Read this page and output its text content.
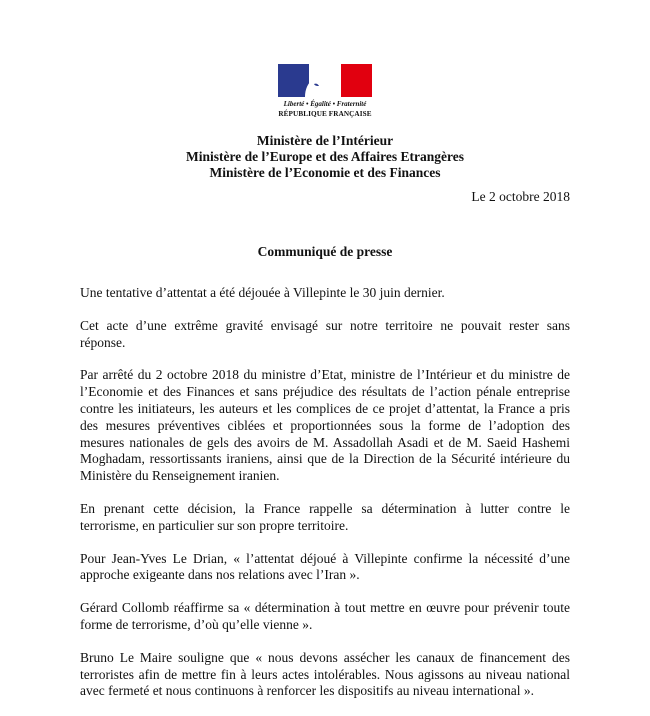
Liberté • Égalité • Fraternité
RÉPUBLIQUE FRANÇAISE
Ministère de l’Intérieur
Ministère de l’Europe et des Affaires Etrangères
Ministère de l’Economie et des Finances
Le 2 octobre 2018
Communiqué de presse

Une tentative d’attentat a été déjouée à Villepinte le 30 juin dernier.

Cet acte d’une extrême gravité envisagé sur notre territoire ne pouvait rester sans
réponse.

Par arrêté du 2 octobre 2018 du ministre d’Etat, ministre de l’Intérieur et du ministre de
l’Economie et des Finances et sans préjudice des résultats de l’action pénale entreprise
contre les initiateurs, les auteurs et les complices de ce projet d’attentat, la France a pris
des mesures préventives ciblées et proportionnées sous la forme de l’adoption des
mesures nationales de gels des avoirs de M. Assadollah Asadi et de M. Saeid Hashemi
Moghadam, ressortissants iraniens, ainsi que de la Direction de la Sécurité intérieure du
Ministère du Renseignement iranien.

En prenant cette décision, la France rappelle sa détermination à lutter contre le
terrorisme, en particulier sur son propre territoire.

Pour Jean-Yves Le Drian, « l’attentat déjoué à Villepinte confirme la nécessité d’une
approche exigeante dans nos relations avec l’Iran ».

Gérard Collomb réaffirme sa « détermination à tout mettre en œuvre pour prévenir toute
forme de terrorisme, d’où qu’elle vienne ».

Bruno Le Maire souligne que « nous devons assécher les canaux de financement des
terroristes afin de mettre fin à leurs actes intolérables. Nous agissons au niveau national
avec fermeté et nous continuons à renforcer les dispositifs au niveau international ».
